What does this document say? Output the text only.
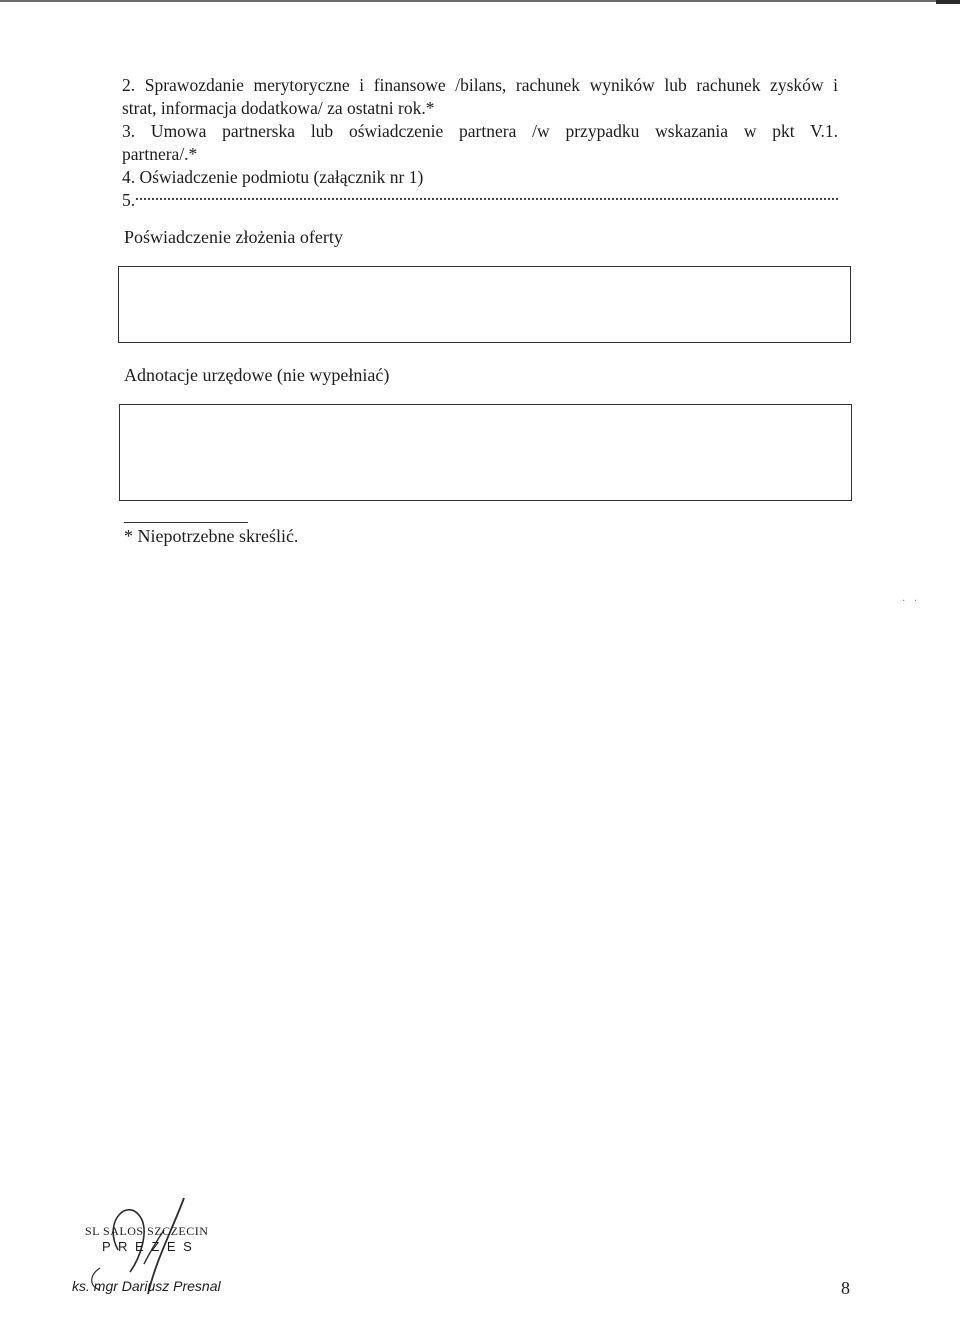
2. Sprawozdanie merytoryczne i finansowe /bilans, rachunek wyników lub rachunek zysków i
strat, informacja dodatkowa/ za ostatni rok.*
3. Umowa partnerska lub oświadczenie partnera /w przypadku wskazania w pkt V.1.
partnera/.*
4. Oświadczenie podmiotu (załącznik nr 1)
5.
Poświadczenie złożenia oferty
Adnotacje urzędowe (nie wypełniać)
* Niepotrzebne skreślić.
· ·
SL SALOS SZCZECIN
P R E Z E S
ks. mgr Dariusz Presnal	8
